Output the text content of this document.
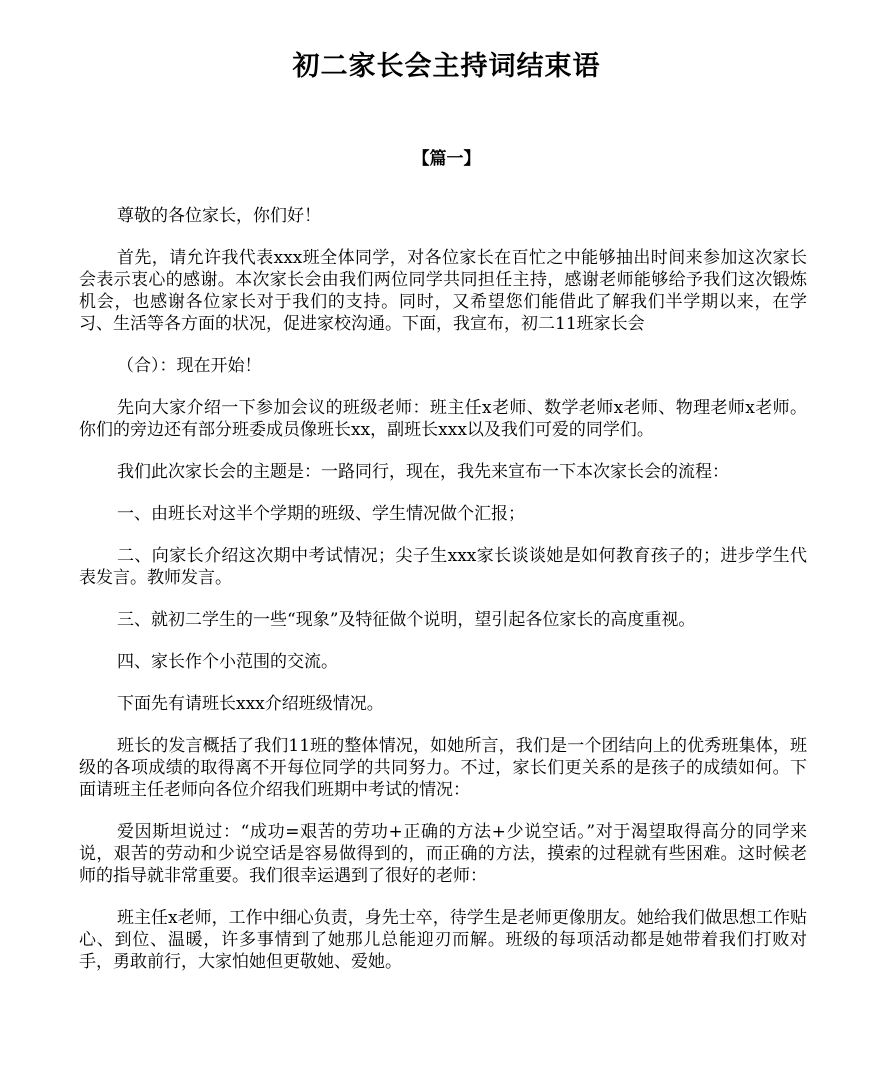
初二家长会主持词结束语
【篇一】

尊敬的各位家长，你们好！

首先，请允许我代表xxx班全体同学，对各位家长在百忙之中能够抽出时间来参加这次家长会表示衷心的感谢。本次家长会由我们两位同学共同担任主持，感谢老师能够给予我们这次锻炼机会，也感谢各位家长对于我们的支持。同时，又希望您们能借此了解我们半学期以来，在学习、生活等各方面的状况，促进家校沟通。下面，我宣布，初二11班家长会

（合）：现在开始！

先向大家介绍一下参加会议的班级老师：班主任x老师、数学老师x老师、物理老师x老师。你们的旁边还有部分班委成员像班长xx，副班长xxx以及我们可爱的同学们。

我们此次家长会的主题是：一路同行，现在，我先来宣布一下本次家长会的流程：

一、由班长对这半个学期的班级、学生情况做个汇报；

二、向家长介绍这次期中考试情况；尖子生xxx家长谈谈她是如何教育孩子的；进步学生代表发言。教师发言。

三、就初二学生的一些“现象”及特征做个说明，望引起各位家长的高度重视。

四、家长作个小范围的交流。

下面先有请班长xxx介绍班级情况。

班长的发言概括了我们11班的整体情况，如她所言，我们是一个团结向上的优秀班集体，班级的各项成绩的取得离不开每位同学的共同努力。不过，家长们更关系的是孩子的成绩如何。下面请班主任老师向各位介绍我们班期中考试的情况：

爱因斯坦说过：“成功=艰苦的劳功+正确的方法+少说空话。”对于渴望取得高分的同学来说，艰苦的劳动和少说空话是容易做得到的，而正确的方法，摸索的过程就有些困难。这时候老师的指导就非常重要。我们很幸运遇到了很好的老师：

班主任x老师，工作中细心负责，身先士卒，待学生是老师更像朋友。她给我们做思想工作贴心、到位、温暖，许多事情到了她那儿总能迎刃而解。班级的每项活动都是她带着我们打败对手，勇敢前行，大家怕她但更敬她、爱她。
